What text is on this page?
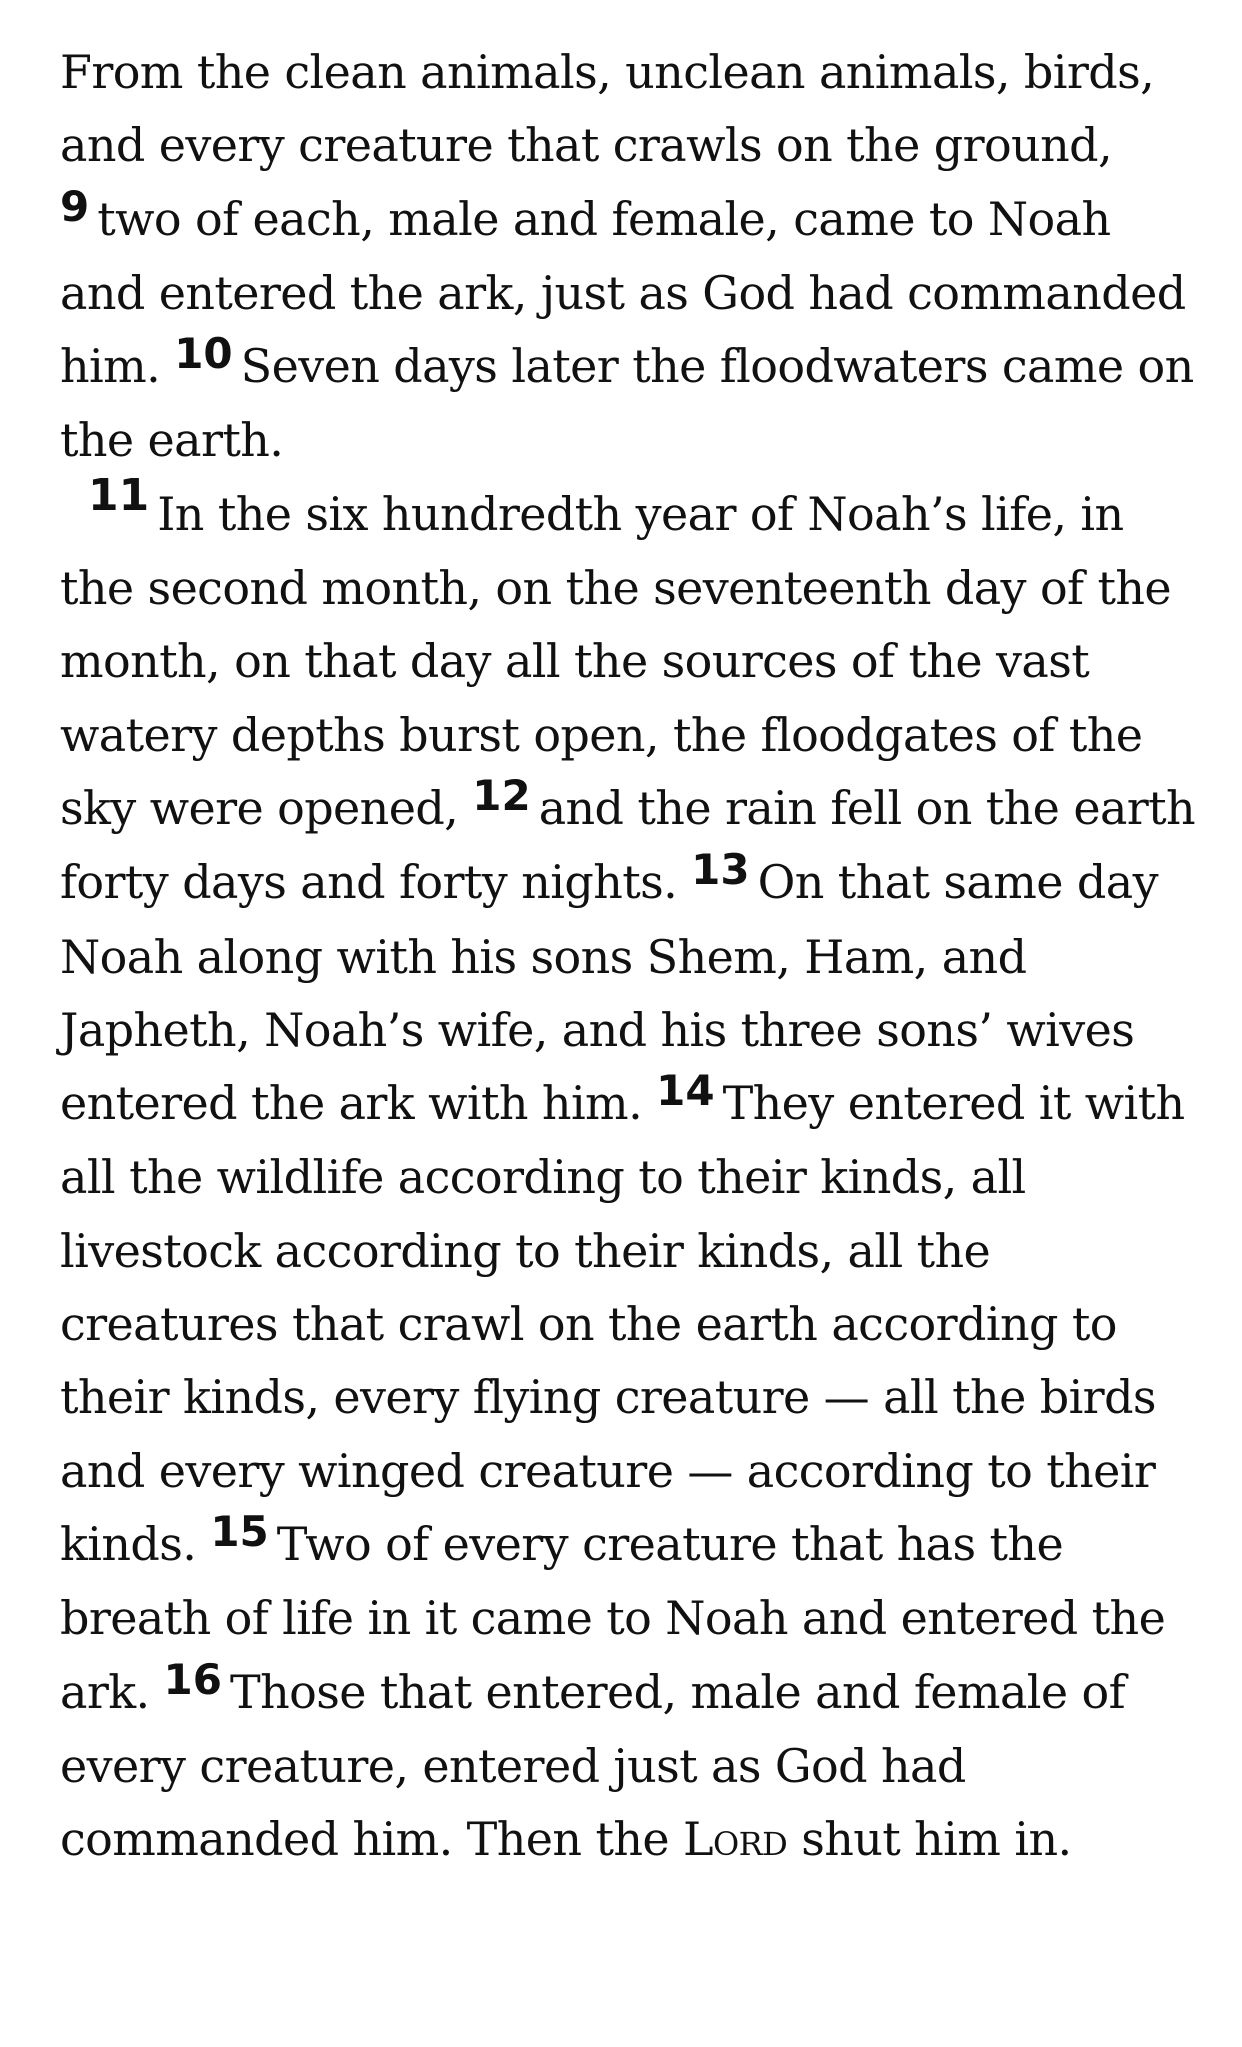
From the clean animals, unclean animals, birds, and every creature that crawls on the ground, 9 two of each, male and female, came to Noah and entered the ark, just as God had commanded him. 10 Seven days later the floodwaters came on the earth.

11 In the six hundredth year of Noah’s life, in the second month, on the seventeenth day of the month, on that day all the sources of the vast watery depths burst open, the floodgates of the sky were opened, 12 and the rain fell on the earth forty days and forty nights. 13 On that same day Noah along with his sons Shem, Ham, and Japheth, Noah’s wife, and his three sons’ wives entered the ark with him. 14 They entered it with all the wildlife according to their kinds, all livestock according to their kinds, all the creatures that crawl on the earth according to their kinds, every flying creature — all the birds and every winged creature — according to their kinds. 15 Two of every creature that has the breath of life in it came to Noah and entered the ark. 16 Those that entered, male and female of every creature, entered just as God had commanded him. Then the Lord shut him in.
